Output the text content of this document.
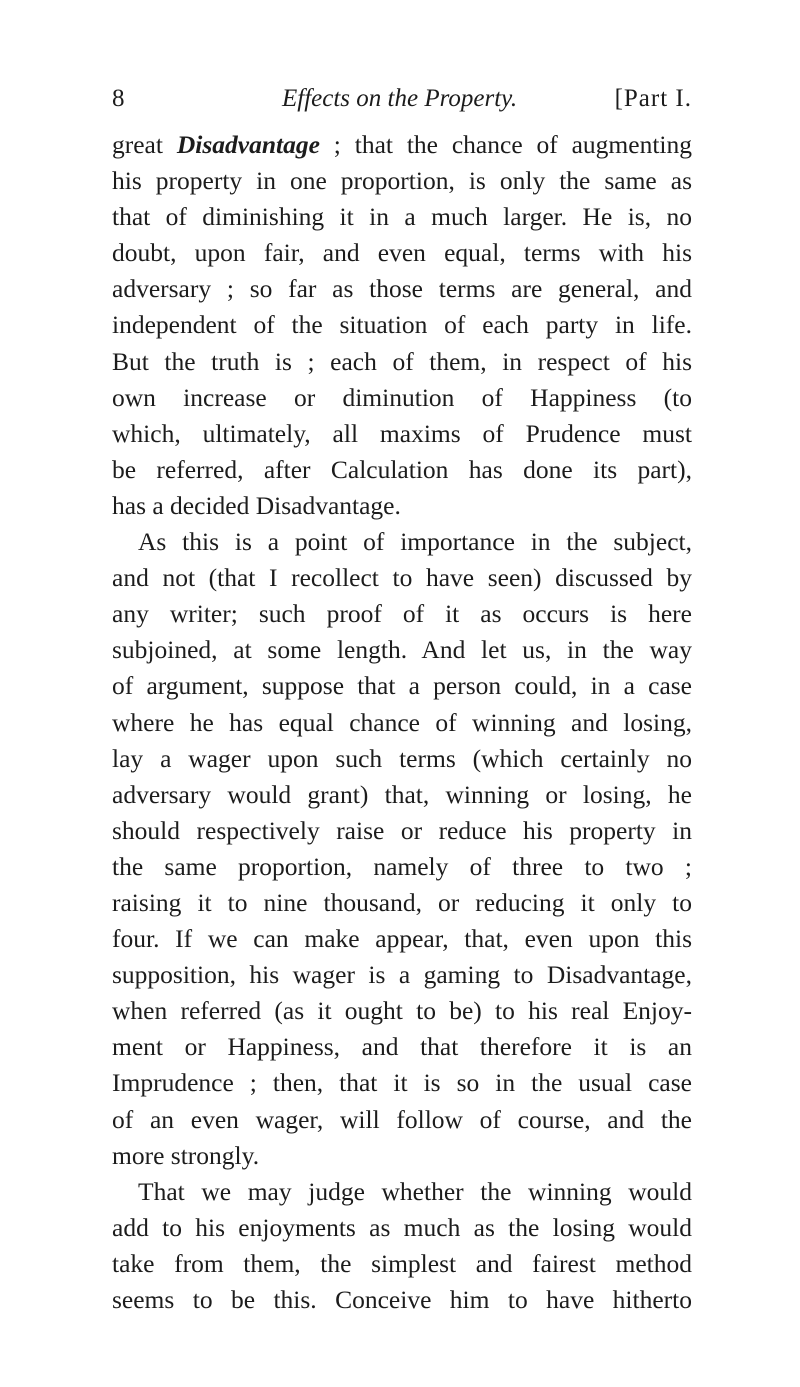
8	Effects on the Property.	[Part I.

great Disadvantage ; that the chance of augmenting
his property in one proportion, is only the same as
that of diminishing it in a much larger. He is, no
doubt, upon fair, and even equal, terms with his
adversary ; so far as those terms are general, and
independent of the situation of each party in life.
But the truth is ; each of them, in respect of his
own increase or diminution of Happiness (to
which, ultimately, all maxims of Prudence must
be referred, after Calculation has done its part),
has a decided Disadvantage.

As this is a point of importance in the subject,
and not (that I recollect to have seen) discussed by
any writer; such proof of it as occurs is here
subjoined, at some length. And let us, in the way
of argument, suppose that a person could, in a case
where he has equal chance of winning and losing,
lay a wager upon such terms (which certainly no
adversary would grant) that, winning or losing, he
should respectively raise or reduce his property in
the same proportion, namely of three to two ;
raising it to nine thousand, or reducing it only to
four. If we can make appear, that, even upon this
supposition, his wager is a gaming to Disadvantage,
when referred (as it ought to be) to his real Enjoy-
ment or Happiness, and that therefore it is an
Imprudence ; then, that it is so in the usual case
of an even wager, will follow of course, and the
more strongly.

That we may judge whether the winning would
add to his enjoyments as much as the losing would
take from them, the simplest and fairest method
seems to be this. Conceive him to have hitherto
